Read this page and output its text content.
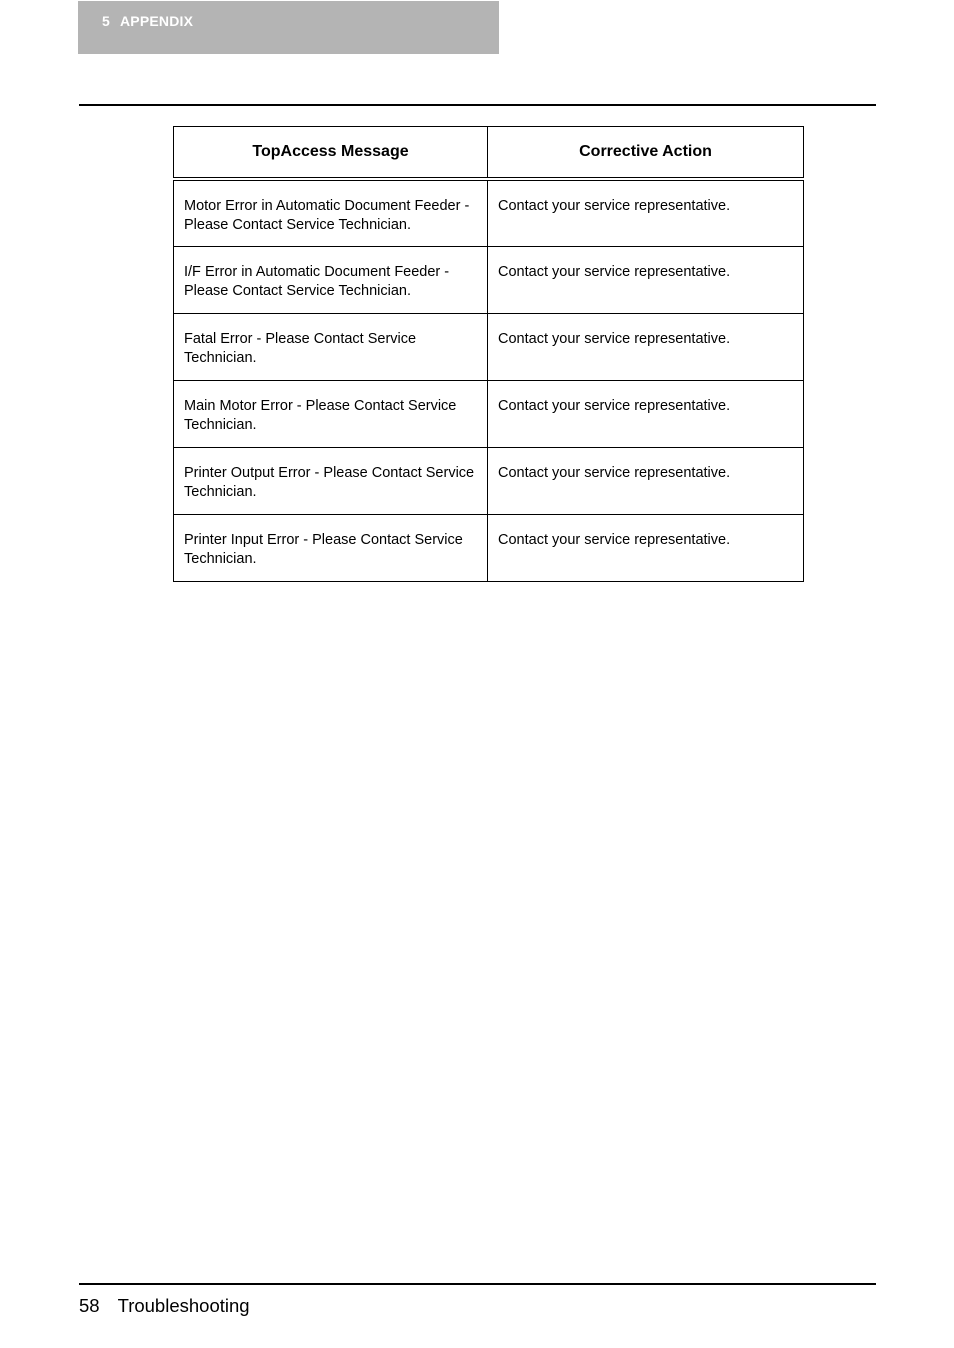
5 APPENDIX
TopAccess Message	Corrective Action
Motor Error in Automatic Document Feeder - Please Contact Service Technician.	Contact your service representative.
I/F Error in Automatic Document Feeder - Please Contact Service Technician.	Contact your service representative.
Fatal Error - Please Contact Service Technician.	Contact your service representative.
Main Motor Error - Please Contact Service Technician.	Contact your service representative.
Printer Output Error - Please Contact Service Technician.	Contact your service representative.
Printer Input Error - Please Contact Service Technician.	Contact your service representative.
58 Troubleshooting
